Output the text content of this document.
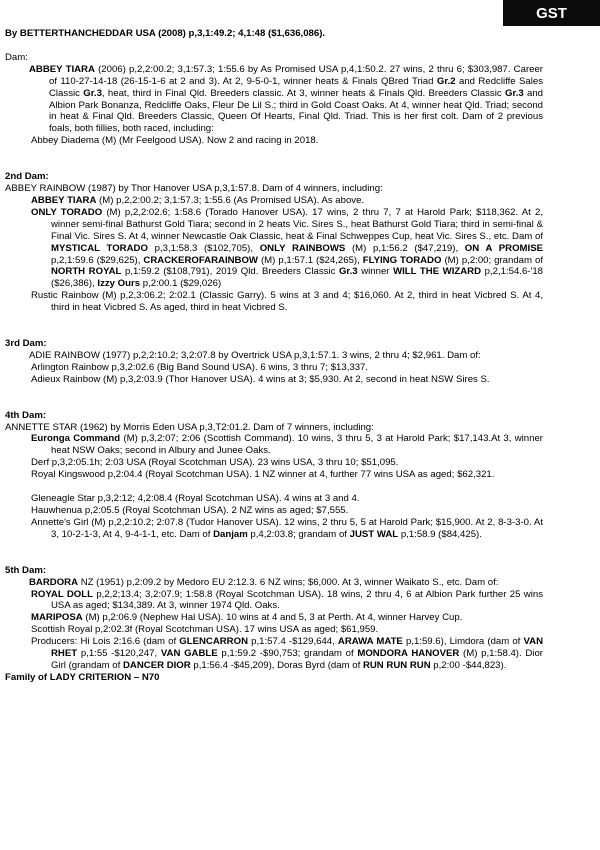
GST
By BETTERTHANCHEDDAR USA (2008) p,3,1:49.2; 4,1:48 ($1,636,086).
Dam:
ABBEY TIARA (2006) p,2,2:00.2; 3,1:57.3; 1:55.6 by As Promised USA p,4,1:50.2. 27 wins, 2 thru 6; $303,987. Career of 110-27-14-18 (26-15-1-6 at 2 and 3). At 2, 9-5-0-1, winner heats & Finals QBred Triad Gr.2 and Redcliffe Sales Classic Gr.3, heat, third in Final Qld. Breeders classic. At 3, winner heats & Finals Qld. Breeders Classic Gr.3 and Albion Park Bonanza, Redcliffe Oaks, Fleur De Lil S.; third in Gold Coast Oaks. At 4, winner heat Qld. Triad; second in heat & Final Qld. Breeders Classic, Queen Of Hearts, Final Qld. Triad. This is her first colt. Dam of 2 previous foals, both fillies, both raced, including:
Abbey Diadema (M) (Mr Feelgood USA). Now 2 and racing in 2018.
2nd Dam:
ABBEY RAINBOW (1987) by Thor Hanover USA p,3,1:57.8. Dam of 4 winners, including:
ABBEY TIARA (M) p,2,2:00.2; 3,1:57.3; 1:55.6 (As Promised USA). As above.
ONLY TORADO (M) p,2,2:02.6; 1:58.6 (Torado Hanover USA). 17 wins, 2 thru 7, 7 at Harold Park; $118,362. At 2, winner semi-final Bathurst Gold Tiara; second in 2 heats Vic. Sires S., heat Bathurst Gold Tiara; third in semi-final & Final Vic. Sires S. At 4, winner Newcastle Oak Classic, heat & Final Schweppes Cup, heat Vic. Sires S., etc. Dam of MYSTICAL TORADO p,3,1:58.3 ($102,705), ONLY RAINBOWS (M) p,1:56.2 ($47,219), ON A PROMISE p,2,1:59.6 ($29,625), CRACKEROFARAINBOW (M) p,1:57.1 ($24,265), FLYING TORADO (M) p,2:00; grandam of NORTH ROYAL p,1:59.2 ($108,791), 2019 Qld. Breeders Classic Gr.3 winner WILL THE WIZARD p,2,1:54.6-'18 ($26,386), Izzy Ours p,2:00.1 ($29,026)
Rustic Rainbow (M) p,2,3:06.2; 2:02.1 (Classic Garry). 5 wins at 3 and 4; $16,060. At 2, third in heat Vicbred S. At 4, third in heat Vicbred S. As aged, third in heat Vicbred S.
3rd Dam:
ADIE RAINBOW (1977) p,2,2:10.2; 3,2:07.8 by Overtrick USA p,3,1:57.1. 3 wins, 2 thru 4; $2,961. Dam of:
Arlington Rainbow p,3,2:02.6 (Big Band Sound USA). 6 wins, 3 thru 7; $13,337.
Adieux Rainbow (M) p,3,2:03.9 (Thor Hanover USA). 4 wins at 3; $5,930. At 2, second in heat NSW Sires S.
4th Dam:
ANNETTE STAR (1962) by Morris Eden USA p,3,T2:01.2. Dam of 7 winners, including:
Euronga Command (M) p,3,2:07; 2:06 (Scottish Command). 10 wins, 3 thru 5, 3 at Harold Park; $17,143.At 3, winner heat NSW Oaks; second in Albury and Junee Oaks.
Derf p,3,2:05.1h; 2:03 USA (Royal Scotchman USA). 23 wins USA, 3 thru 10; $51,095.
Royal Kingswood p,2:04.4 (Royal Scotchman USA). 1 NZ winner at 4, further 77 wins USA as aged; $62,321.
Gleneagle Star p,3,2:12; 4,2:08.4 (Royal Scotchman USA). 4 wins at 3 and 4.
Hauwhenua p,2:05.5 (Royal Scotchman USA). 2 NZ wins as aged; $7,555.
Annette's Girl (M) p,2,2:10.2; 2:07.8 (Tudor Hanover USA). 12 wins, 2 thru 5, 5 at Harold Park; $15,900. At 2, 8-3-3-0. At 3, 10-2-1-3, At 4, 9-4-1-1, etc. Dam of Danjam p,4,2:03.8; grandam of JUST WAL p,1:58.9 ($84,425).
5th Dam:
BARDORA NZ (1951) p,2:09.2 by Medoro EU 2:12.3. 6 NZ wins; $6,000. At 3, winner Waikato S., etc. Dam of:
ROYAL DOLL p,2,2;13.4; 3,2:07.9; 1:58.8 (Royal Scotchman USA). 18 wins, 2 thru 4, 6 at Albion Park further 25 wins USA as aged; $134,389. At 3, winner 1974 Qld. Oaks.
MARIPOSA (M) p,2:06.9 (Nephew Hal USA). 10 wins at 4 and 5, 3 at Perth. At 4, winner Harvey Cup.
Scottish Royal p,2:02.3f (Royal Scotchman USA). 17 wins USA as aged; $61,959.
Producers: Hi Lois 2:16.6 (dam of GLENCARRON p,1:57.4 -$129,644, ARAWA MATE p,1:59.6), Limdora (dam of VAN RHET p,1:55 -$120,247, VAN GABLE p,1:59.2 -$90,753; grandam of MONDORA HANOVER (M) p,1:58.4). Dior Girl (grandam of DANCER DIOR p,1:56.4 -$45,209), Doras Byrd (dam of RUN RUN RUN p,2:00 -$44,823).
Family of LADY CRITERION – N70
